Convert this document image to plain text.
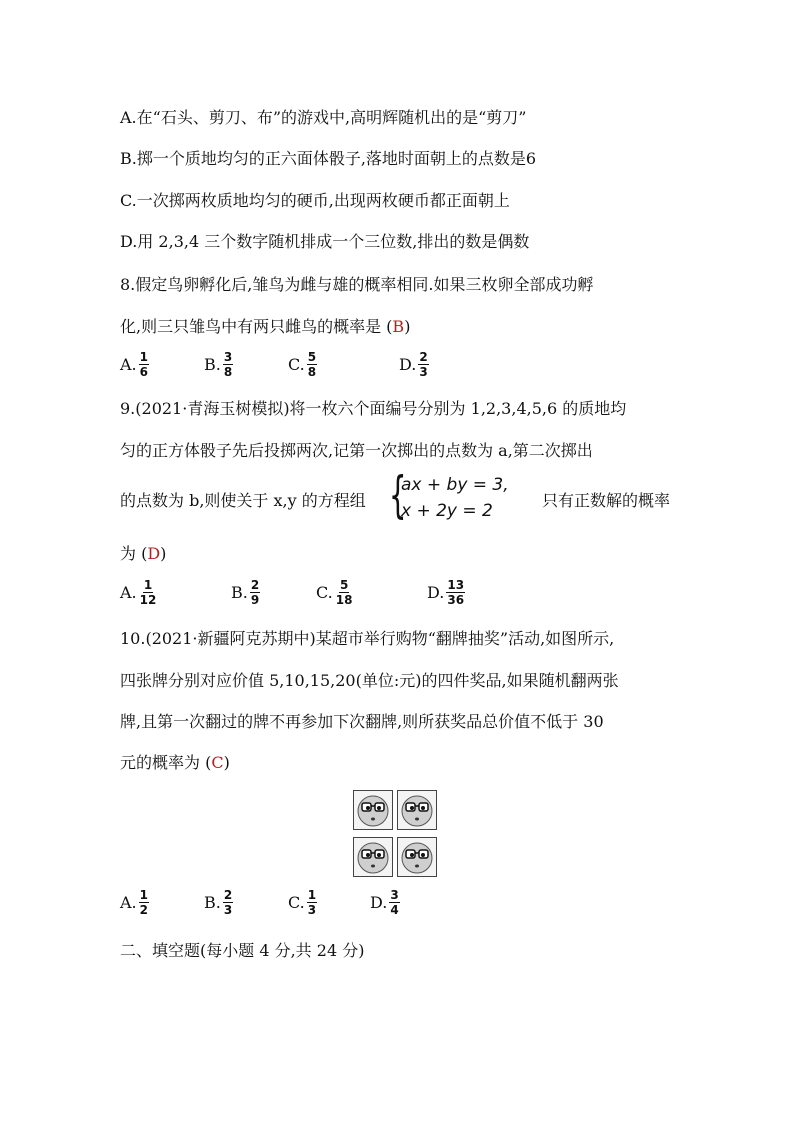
A.在“石头、剪刀、布”的游戏中,高明辉随机出的是“剪刀”
B.掷一个质地均匀的正六面体骰子,落地时面朝上的点数是6
C.一次掷两枚质地均匀的硬币,出现两枚硬币都正面朝上
D.用 2,3,4 三个数字随机排成一个三位数,排出的数是偶数
8.假定鸟卵孵化后,雏鸟为雌与雄的概率相同.如果三枚卵全部成功孵
化,则三只雏鸟中有两只雌鸟的概率是 (B)
A. $\frac{1}{6}$	B. $\frac{3}{8}$	C. $\frac{5}{8}$	D. $\frac{2}{3}$
9.(2021·青海玉树模拟)将一枚六个面编号分别为 1,2,3,4,5,6 的质地均
匀的正方体骰子先后投掷两次,记第一次掷出的点数为 a,第二次掷出
的点数为 b,则使关于 x,y 的方程组 {
ax + by = 3,
x + 2y = 2
只有正数解的概率
为 (D)
A. $\frac{1}{12}$	B. $\frac{2}{9}$	C. $\frac{5}{18}$	D. $\frac{13}{36}$
10.(2021·新疆阿克苏期中)某超市举行购物“翻牌抽奖”活动,如图所示,
四张牌分别对应价值 5,10,15,20(单位:元)的四件奖品,如果随机翻两张
牌,且第一次翻过的牌不再参加下次翻牌,则所获奖品总价值不低于 30
元的概率为 (C)
A. $\frac{1}{2}$	B. $\frac{2}{3}$	C. $\frac{1}{3}$	D. $\frac{3}{4}$
二、填空题(每小题 4 分,共 24 分)
